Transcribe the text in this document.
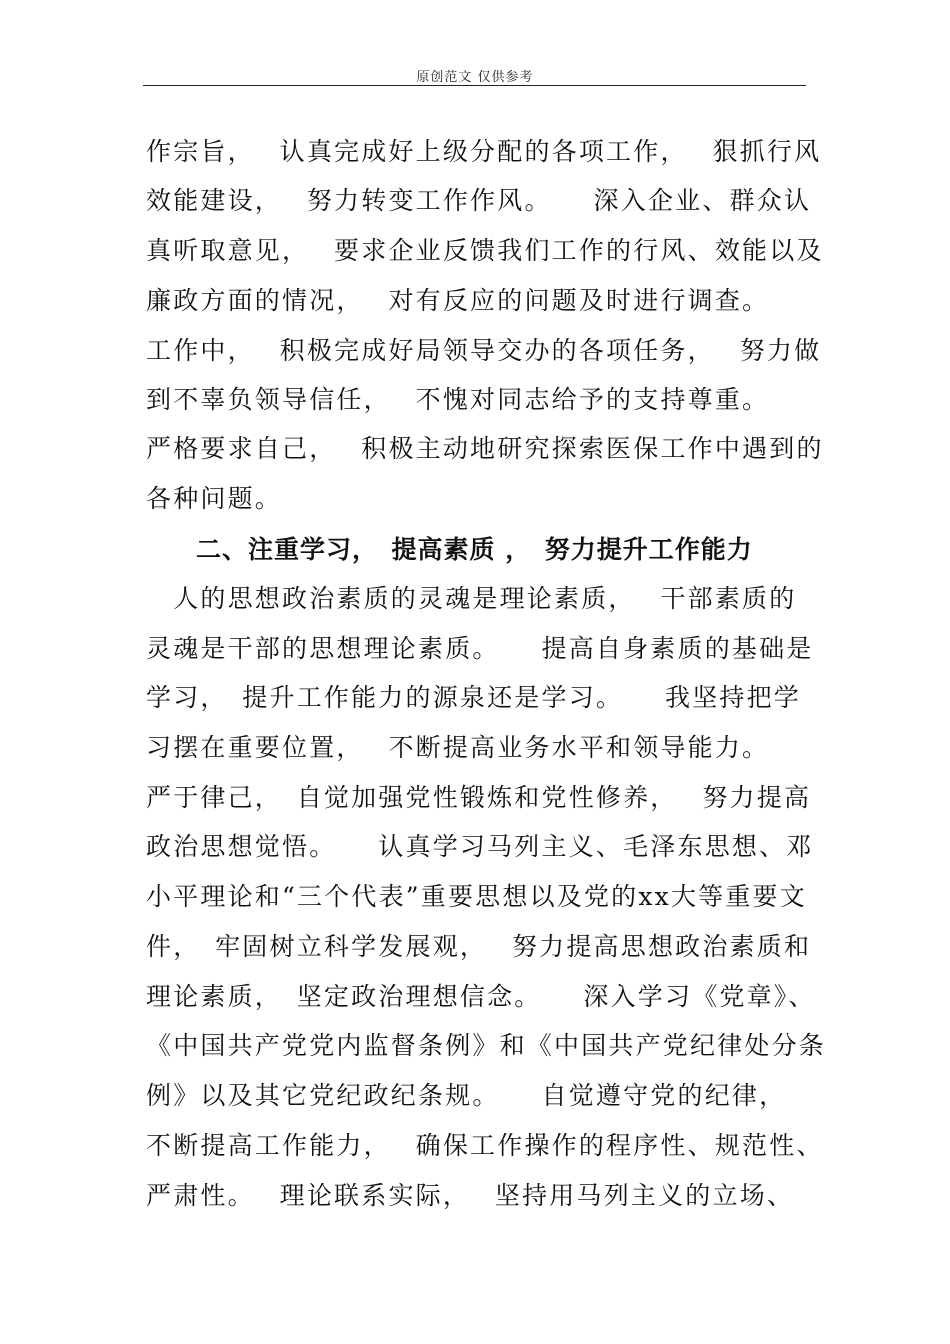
原创范文 仅供参考
作宗旨，　 认真完成好上级分配的各项工作，　 狠抓行风
效能建设，　 努力转变工作作风。　　深入企业、群众认
真听取意见，　 要求企业反馈我们工作的行风、效能以及
廉政方面的情况，　 对有反应的问题及时进行调查。
工作中，　 积极完成好局领导交办的各项任务，　 努力做
到不辜负领导信任，　 不愧对同志给予的支持尊重。
严格要求自己，　 积极主动地研究探索医保工作中遇到的
各种问题。
二、注重学习，　提高素质 ，　努力提升工作能力
　人的思想政治素质的灵魂是理论素质，　 干部素质的
灵魂是干部的思想理论素质。　　提高自身素质的基础是
学习，　提升工作能力的源泉还是学习。　　我坚持把学
习摆在重要位置，　 不断提高业务水平和领导能力。
严于律己，　自觉加强党性锻炼和党性修养，　 努力提高
政治思想觉悟。　　认真学习马列主义、毛泽东思想、邓
小平理论和“三个代表”重要思想以及党的xx大等重要文
件，　牢固树立科学发展观，　 努力提高思想政治素质和
理论素质，　坚定政治理想信念。　　深入学习《党章》、
《中国共产党党内监督条例》和《中国共产党纪律处分条
例》以及其它党纪政纪条规。　　自觉遵守党的纪律，
不断提高工作能力，　 确保工作操作的程序性、规范性、
严肃性。　 理论联系实际，　 坚持用马列主义的立场、
